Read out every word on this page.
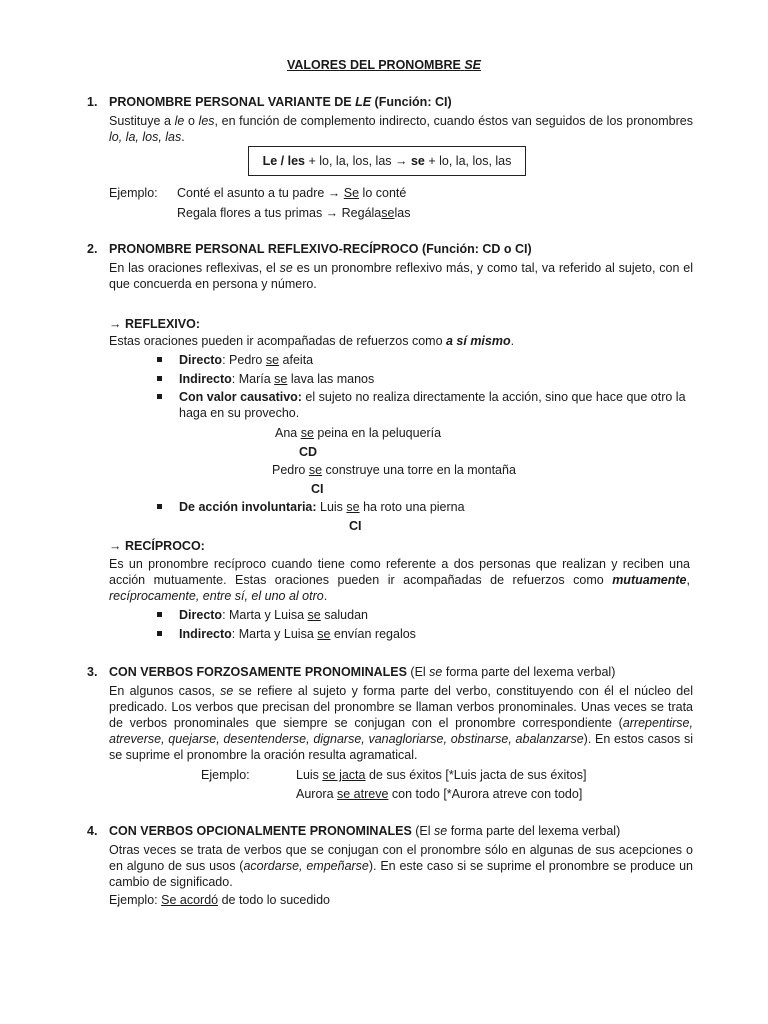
VALORES DEL PRONOMBRE SE
1. PRONOMBRE PERSONAL VARIANTE DE LE (Función: CI)
Sustituye a le o les, en función de complemento indirecto, cuando éstos van seguidos de los pronombres lo, la, los, las.
Le / les + lo, la, los, las → se + lo, la, los, las
Ejemplo: Conté el asunto a tu padre → Se lo conté
Regala flores a tus primas → Regálaselas
2. PRONOMBRE PERSONAL REFLEXIVO-RECÍPROCO (Función: CD o CI)
En las oraciones reflexivas, el se es un pronombre reflexivo más, y como tal, va referido al sujeto, con el que concuerda en persona y número.
→ REFLEXIVO:
Estas oraciones pueden ir acompañadas de refuerzos como a sí mismo.
Directo: Pedro se afeita
Indirecto: María se lava las manos
Con valor causativo: el sujeto no realiza directamente la acción, sino que hace que otro la haga en su provecho.
Ana se peina en la peluquería
CD
Pedro se construye una torre en la montaña
CI
De acción involuntaria: Luis se ha roto una pierna
CI
→ RECÍPROCO:
Es un pronombre recíproco cuando tiene como referente a dos personas que realizan y reciben una acción mutuamente. Estas oraciones pueden ir acompañadas de refuerzos como mutuamente, recíprocamente, entre sí, el uno al otro.
Directo: Marta y Luisa se saludan
Indirecto: Marta y Luisa se envían regalos
3. CON VERBOS FORZOSAMENTE PRONOMINALES (El se forma parte del lexema verbal)
En algunos casos, se se refiere al sujeto y forma parte del verbo, constituyendo con él el núcleo del predicado. Los verbos que precisan del pronombre se llaman verbos pronominales. Unas veces se trata de verbos pronominales que siempre se conjugan con el pronombre correspondiente (arrepentirse, atreverse, quejarse, desentenderse, dignarse, vanagloriarse, obstinarse, abalanzarse). En estos casos si se suprime el pronombre la oración resulta agramatical.
Ejemplo:	Luis se jacta de sus éxitos [*Luis jacta de sus éxitos]
Aurora se atreve con todo [*Aurora atreve con todo]
4. CON VERBOS OPCIONALMENTE PRONOMINALES (El se forma parte del lexema verbal)
Otras veces se trata de verbos que se conjugan con el pronombre sólo en algunas de sus acepciones o en alguno de sus usos (acordarse, empeñarse). En este caso si se suprime el pronombre se produce un cambio de significado.
Ejemplo: Se acordó de todo lo sucedido
